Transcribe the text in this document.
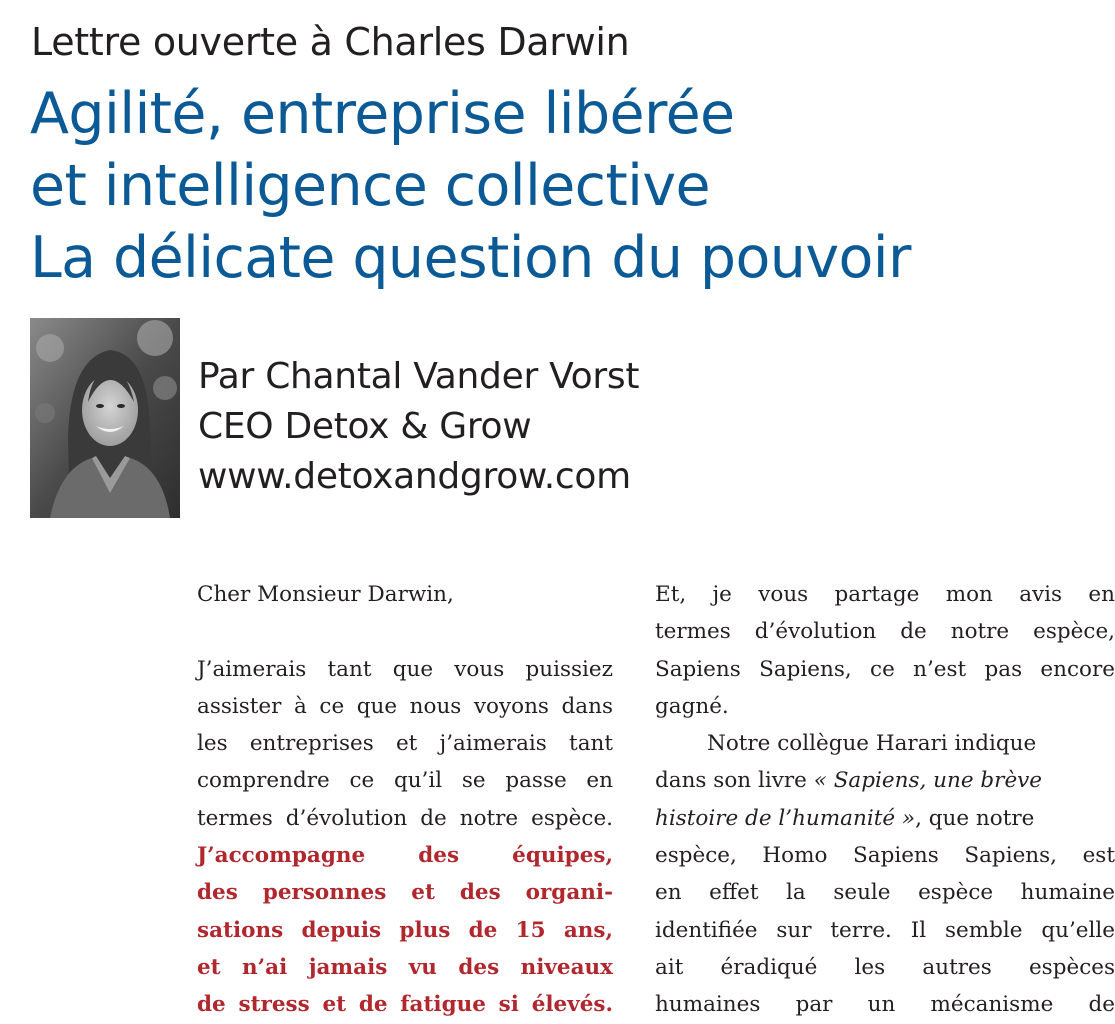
Lettre ouverte à Charles Darwin
Agilité, entreprise libérée
et intelligence collective
La délicate question du pouvoir
Par Chantal Vander Vorst
CEO Detox & Grow
www.detoxandgrow.com
Cher Monsieur Darwin,

J’aimerais tant que vous puissiez
assister à ce que nous voyons dans
les entreprises et j’aimerais tant
comprendre ce qu’il se passe en
termes d’évolution de notre espèce.
J’accompagne des équipes,
des personnes et des organi-
sations depuis plus de 15 ans,
et n’ai jamais vu des niveaux
de stress et de fatigue si élevés.

Et, je vous partage mon avis en
termes d’évolution de notre espèce,
Sapiens Sapiens, ce n’est pas encore
gagné.

Notre collègue Harari indique
dans son livre « Sapiens, une brève
histoire de l’humanité », que notre
espèce, Homo Sapiens Sapiens, est
en effet la seule espèce humaine
identifiée sur terre. Il semble qu’elle
ait éradiqué les autres espèces
humaines par un mécanisme de
